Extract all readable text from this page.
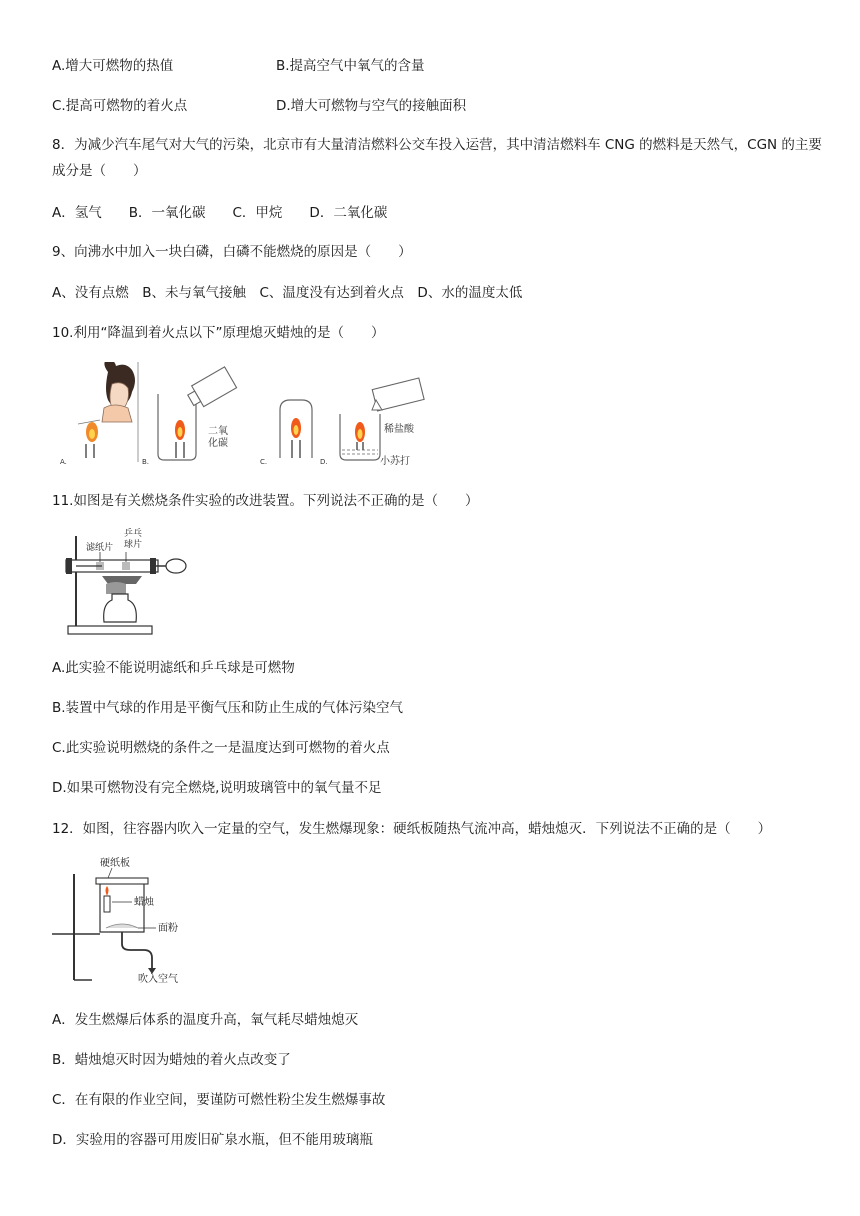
A.增大可燃物的热值	B.提高空气中氧气的含量
C.提高可燃物的着火点	D.增大可燃物与空气的接触面积
8．为减少汽车尾气对大气的污染，北京市有大量清洁燃料公交车投入运营，其中清洁燃料车 CNG 的燃料是天然气，CGN 的主要成分是（　　）
A．氢气　　B．一氧化碳　　C．甲烷　　D．二氧化碳
9、向沸水中加入一块白磷，白磷不能燃烧的原因是（　　）
A、没有点燃　B、未与氧气接触　C、温度没有达到着火点　D、水的温度太低
10.利用“降温到着火点以下”原理熄灭蜡烛的是（　　）
A.
二氧
化碳
B.	C.
稀盐酸
小苏打
D.
11.如图是有关燃烧条件实验的改进装置。下列说法不正确的是（　　）
滤纸片
乒乓
球片
A.此实验不能说明滤纸和乒乓球是可燃物
B.装置中气球的作用是平衡气压和防止生成的气体污染空气
C.此实验说明燃烧的条件之一是温度达到可燃物的着火点
D.如果可燃物没有完全燃烧,说明玻璃管中的氧气量不足
12．如图，往容器内吹入一定量的空气，发生燃爆现象：硬纸板随热气流冲高，蜡烛熄灭．下列说法不正确的是（　　）
硬纸板
蜡烛
面粉
吹入空气
A．发生燃爆后体系的温度升高，氧气耗尽蜡烛熄灭
B．蜡烛熄灭时因为蜡烛的着火点改变了
C．在有限的作业空间，要谨防可燃性粉尘发生燃爆事故
D．实验用的容器可用废旧矿泉水瓶，但不能用玻璃瓶
